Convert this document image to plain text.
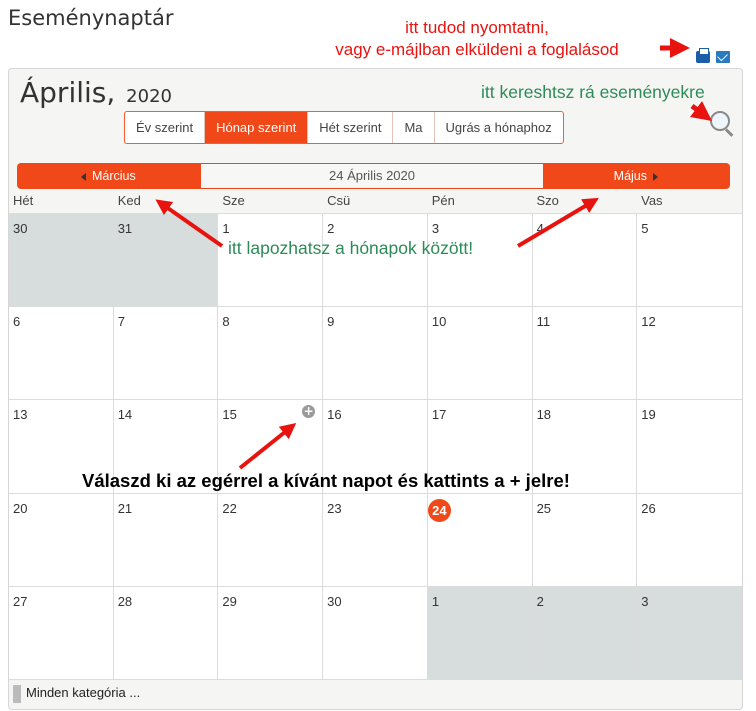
Eseménynaptár	itt tudod nyomtatni,
vagy e-májlban elküldeni a foglalásod
Április, 2020
Év szerint	Hónap szerint	Hét szerint	Ma	Ugrás a hónaphoz
Március	24 Április 2020	Május
Hét	Ked	Sze	Csü	Pén	Szo	Vas
30	31	1	2	3	4	5
6	7	8	9	10	11	12
13	14	15	+ 16	17	18	19
20	21	22	23	24	25	26
27	28	29	30	1	2	3
Minden kategória ...
itt kereshtsz rá eseményekre
itt lapozhatsz a hónapok között!
Válaszd ki az egérrel a kívánt napot és kattints a + jelre!
